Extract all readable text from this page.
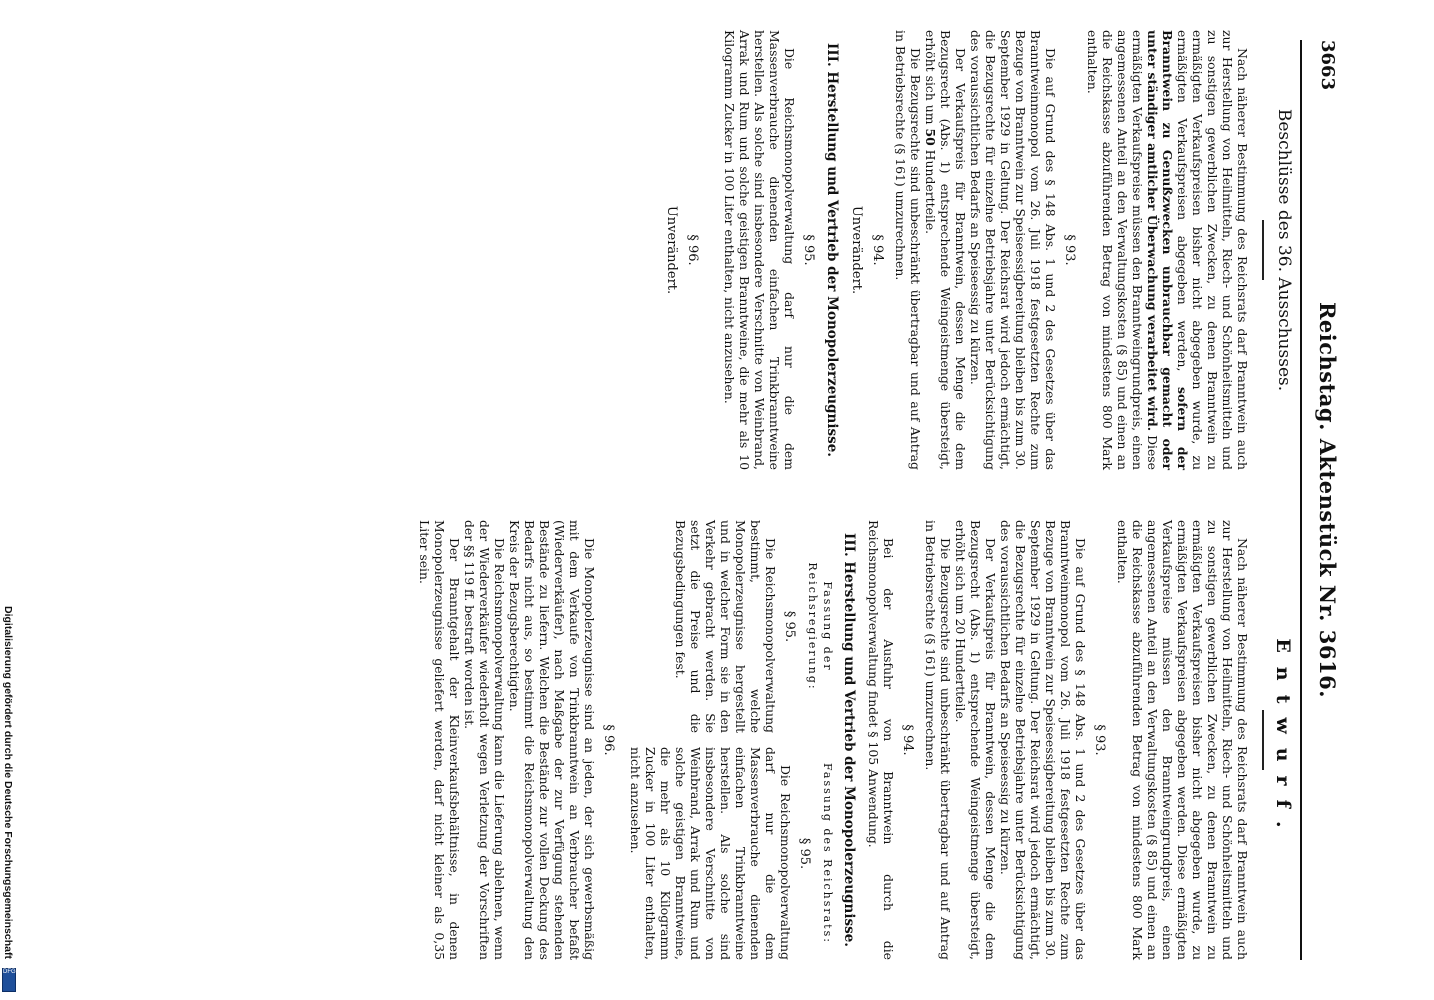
3663
Reichstag. Aktenstück Nr. 3616.
Beschlüsse des 36. Ausschusses.
Entwurf.

Nach näherer Bestimmung des Reichsrats darf Branntwein auch zur Herstellung von Heilmitteln, Riech- und Schönheitsmitteln und zu sonstigen gewerblichen Zwecken, zu denen Branntwein zu ermäßigten Verkaufspreisen bisher nicht abgegeben wurde, zu ermäßigten Verkaufspreisen abgegeben werden, sofern der Branntwein zu Genußzwecken unbrauchbar gemacht oder unter ständiger amtlicher Überwachung verarbeitet wird. Diese ermäßigten Verkaufspreise müssen den Branntweingrundpreis, einen angemessenen Anteil an den Verwaltungskosten (§ 85) und einen an die Reichskasse abzuführenden Betrag von mindestens 800 Mark enthalten.

§ 93.

Die auf Grund des § 148 Abs. 1 und 2 des Gesetzes über das Branntweinmonopol vom 26. Juli 1918 festgesetzten Rechte zum Bezuge von Branntwein zur Speiseessigbereitung bleiben bis zum 30. September 1929 in Geltung. Der Reichsrat wird jedoch ermächtigt, die Bezugsrechte für einzelne Betriebsjahre unter Berücksichtigung des voraussichtlichen Bedarfs an Speiseessig zu kürzen.

Der Verkaufspreis für Branntwein, dessen Menge die dem Bezugsrecht (Abs. 1) entsprechende Weingeistmenge übersteigt, erhöht sich um 50 Hundertteile.

Die Bezugsrechte sind unbeschränkt übertragbar und auf Antrag in Betriebsrechte (§ 161) umzurechnen.

§ 94.
Unverändert.
III. Herstellung und Vertrieb der Monopolerzeugnisse.
§ 95.

Die Reichsmonopolverwaltung darf nur die dem Massenverbrauche dienenden einfachen Trinkbranntweine herstellen. Als solche sind insbesondere Verschnitte von Weinbrand, Arrak und Rum und solche geistigen Branntweine, die mehr als 10 Kilogramm Zucker in 100 Liter enthalten, nicht anzusehen.

§ 96.
Unverändert.

Nach näherer Bestimmung des Reichsrats darf Branntwein auch zur Herstellung von Heilmitteln, Riech- und Schönheitsmitteln und zu sonstigen gewerblichen Zwecken, zu denen Branntwein zu ermäßigten Verkaufspreisen bisher nicht abgegeben wurde, zu ermäßigten Verkaufspreisen abgegeben werden. Diese ermäßigten Verkaufspreise müssen den Branntweingrundpreis, einen angemessenen Anteil an den Verwaltungskosten (§ 85) und einen an die Reichskasse abzuführenden Betrag von mindestens 800 Mark enthalten.

§ 93.

Die auf Grund des § 148 Abs. 1 und 2 des Gesetzes über das Branntweinmonopol vom 26. Juli 1918 festgesetzten Rechte zum Bezuge von Branntwein zur Speiseessigbereitung bleiben bis zum 30. September 1929 in Geltung. Der Reichsrat wird jedoch ermächtigt, die Bezugsrechte für einzelne Betriebsjahre unter Berücksichtigung des voraussichtlichen Bedarfs an Speiseessig zu kürzen.

Der Verkaufspreis für Branntwein, dessen Menge die dem Bezugsrecht (Abs. 1) entsprechende Weingeistmenge übersteigt, erhöht sich um 20 Hundertteile.

Die Bezugsrechte sind unbeschränkt übertragbar und auf Antrag in Betriebsrechte (§ 161) umzurechnen.

§ 94.

Bei der Ausfuhr von Branntwein durch die Reichsmonopolverwaltung findet § 105 Anwendung.

III. Herstellung und Vertrieb der Monopolerzeugnisse.
Fassung der Reichsregierung:
§ 95.

Die Reichsmonopolverwaltung bestimmt, welche Monopolerzeugnisse hergestellt und in welcher Form sie in den Verkehr gebracht werden. Sie setzt die Preise und die Bezugsbedingungen fest.

Fassung des Reichsrats:
§ 95.

Die Reichsmonopolverwaltung darf nur die dem Massenverbrauche dienenden einfachen Trinkbranntweine herstellen. Als solche sind insbesondere Verschnitte von Weinbrand, Arrak und Rum und solche geistigen Branntweine, die mehr als 10 Kilogramm Zucker in 100 Liter enthalten, nicht anzusehen.

§ 96.

Die Monopolerzeugnisse sind an jeden, der sich gewerbsmäßig mit dem Verkaufe von Trinkbranntwein an Verbraucher befaßt (Wiederverkäufer), nach Maßgabe der zur Verfügung stehenden Bestände zu liefern. Welchen die Bestände zur vollen Deckung des Bedarfs nicht aus, so bestimmt die Reichsmonopolverwaltung den Kreis der Bezugsberechtigten.

Die Reichsmonopolverwaltung kann die Lieferung ablehnen, wenn der Wiederverkäufer wiederholt wegen Verletzung der Vorschriften der §§ 119 ff. bestraft worden ist.

Der Branntgehalt der Kleinverkaufsbehältnisse, in denen Monopolerzeugnisse geliefert werden, darf nicht kleiner als 0,35 Liter sein.

Digitalisierung gefördert durch die Deutsche Forschungsgemeinschaft
DFG
